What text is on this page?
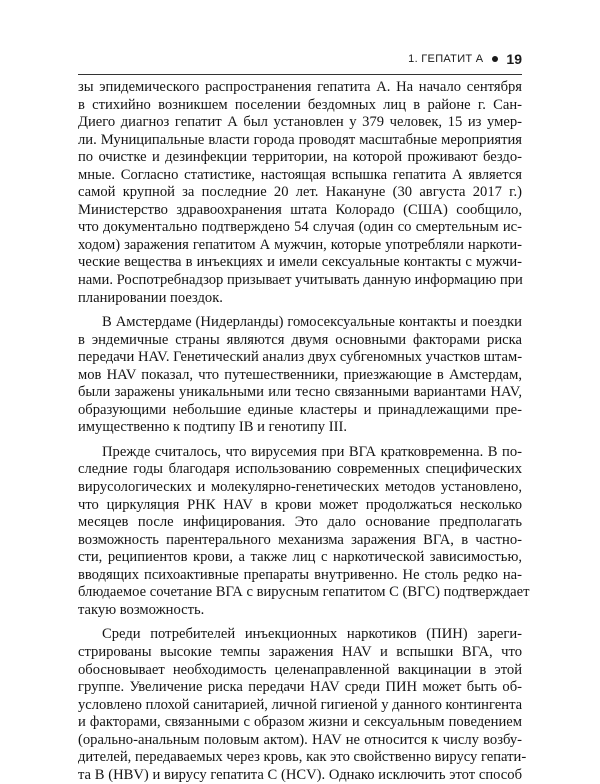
1. ГЕПАТИТ А 19

зы эпидемического распространения гепатита А. На начало сентября
в стихийно возникшем поселении бездомных лиц в районе г. Сан-
Диего диагноз гепатит А был установлен у 379 человек, 15 из умер-
ли. Муниципальные власти города проводят масштабные мероприятия
по очистке и дезинфекции территории, на которой проживают бездо-
мные. Согласно статистике, настоящая вспышка гепатита А является
самой крупной за последние 20 лет. Накануне (30 августа 2017 г.)
Министерство здравоохранения штата Колорадо (США) сообщило,
что документально подтверждено 54 случая (один со смертельным ис-
ходом) заражения гепатитом А мужчин, которые употребляли наркоти-
ческие вещества в инъекциях и имели сексуальные контакты с мужчи-
нами. Роспотребнадзор призывает учитывать данную информацию при
планировании поездок.

В Амстердаме (Нидерланды) гомосексуальные контакты и поездки
в эндемичные страны являются двумя основными факторами риска
передачи HAV. Генетический анализ двух субгеномных участков штам-
мов HAV показал, что путешественники, приезжающие в Амстердам,
были заражены уникальными или тесно связанными вариантами HAV,
образующими небольшие единые кластеры и принадлежащими пре-
имущественно к подтипу IB и генотипу III.

Прежде считалось, что вирусемия при ВГА кратковременна. В по-
следние годы благодаря использованию современных специфических
вирусологических и молекулярно-генетических методов установлено,
что циркуляция РНК HAV в крови может продолжаться несколько
месяцев после инфицирования. Это дало основание предполагать
возможность парентерального механизма заражения ВГА, в частно-
сти, реципиентов крови, а также лиц с наркотической зависимостью,
вводящих психоактивные препараты внутривенно. Не столь редко на-
блюдаемое сочетание ВГА с вирусным гепатитом С (ВГС) подтверждает
такую возможность.

Среди потребителей инъекционных наркотиков (ПИН) зареги-
стрированы высокие темпы заражения HAV и вспышки ВГА, что
обосновывает необходимость целенаправленной вакцинации в этой
группе. Увеличение риска передачи HAV среди ПИН может быть об-
условлено плохой санитарией, личной гигиеной у данного контингента
и факторами, связанными с образом жизни и сексуальным поведением
(орально-анальным половым актом). HAV не относится к числу возбу-
дителей, передаваемых через кровь, как это свойственно вирусу гепати-
та В (HBV) и вирусу гепатита С (HCV). Однако исключить этот способ
